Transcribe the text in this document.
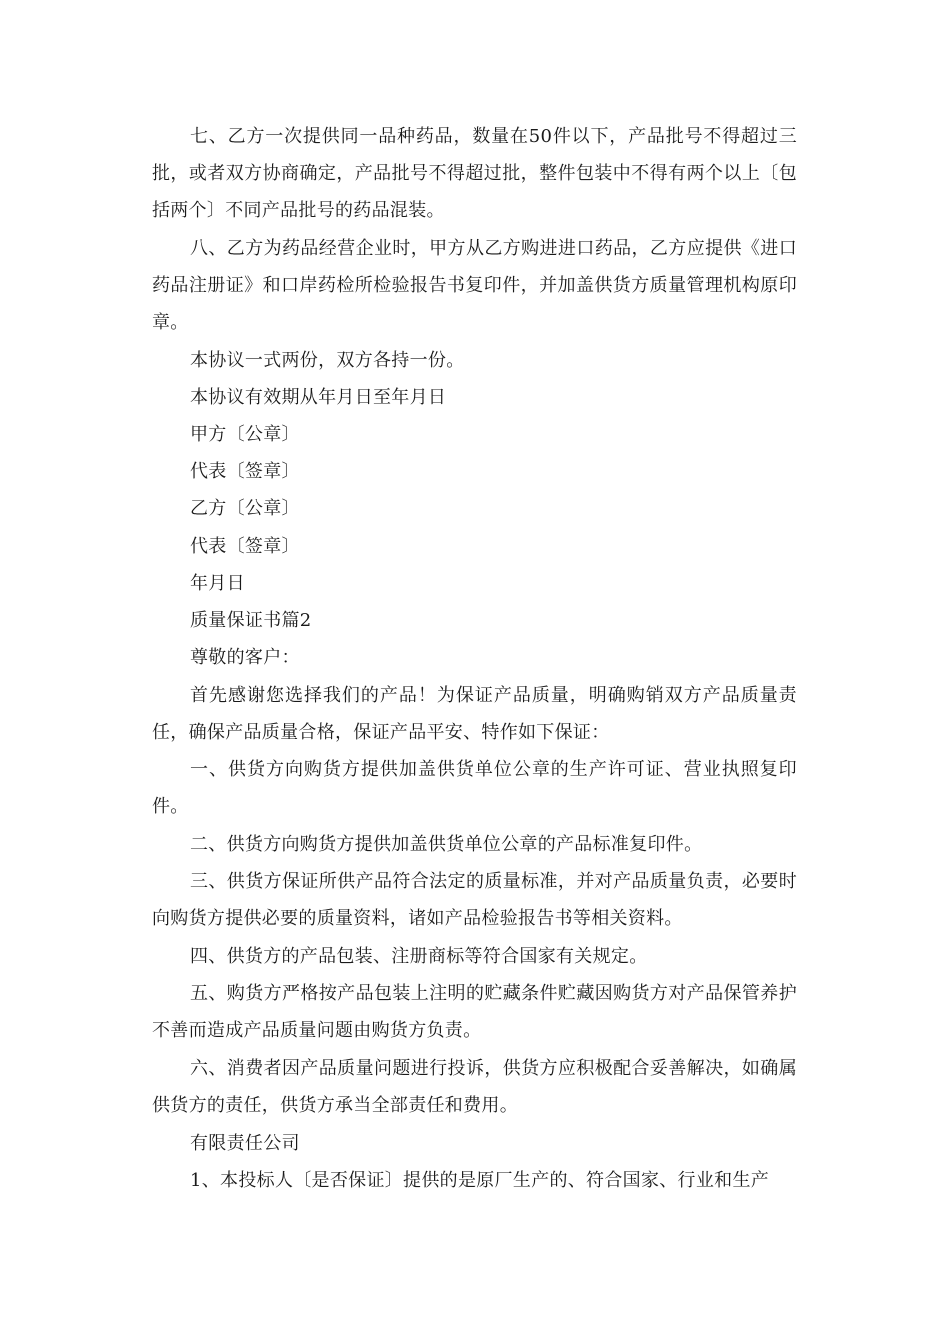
七、乙方一次提供同一品种药品，数量在50件以下，产品批号不得超过三批，或者双方协商确定，产品批号不得超过批，整件包装中不得有两个以上〔包括两个〕不同产品批号的药品混装。

八、乙方为药品经营企业时，甲方从乙方购进进口药品，乙方应提供《进口药品注册证》和口岸药检所检验报告书复印件，并加盖供货方质量管理机构原印章。

本协议一式两份，双方各持一份。

本协议有效期从年月日至年月日

甲方〔公章〕

代表〔签章〕

乙方〔公章〕

代表〔签章〕

年月日

质量保证书篇2

尊敬的客户：

首先感谢您选择我们的产品！为保证产品质量，明确购销双方产品质量责任，确保产品质量合格，保证产品平安、特作如下保证：

一、供货方向购货方提供加盖供货单位公章的生产许可证、营业执照复印件。

二、供货方向购货方提供加盖供货单位公章的产品标准复印件。

三、供货方保证所供产品符合法定的质量标准，并对产品质量负责，必要时向购货方提供必要的质量资料，诸如产品检验报告书等相关资料。

四、供货方的产品包装、注册商标等符合国家有关规定。

五、购货方严格按产品包装上注明的贮藏条件贮藏因购货方对产品保管养护不善而造成产品质量问题由购货方负责。

六、消费者因产品质量问题进行投诉，供货方应积极配合妥善解决，如确属供货方的责任，供货方承当全部责任和费用。

有限责任公司

1、本投标人〔是否保证〕提供的是原厂生产的、符合国家、行业和生产
